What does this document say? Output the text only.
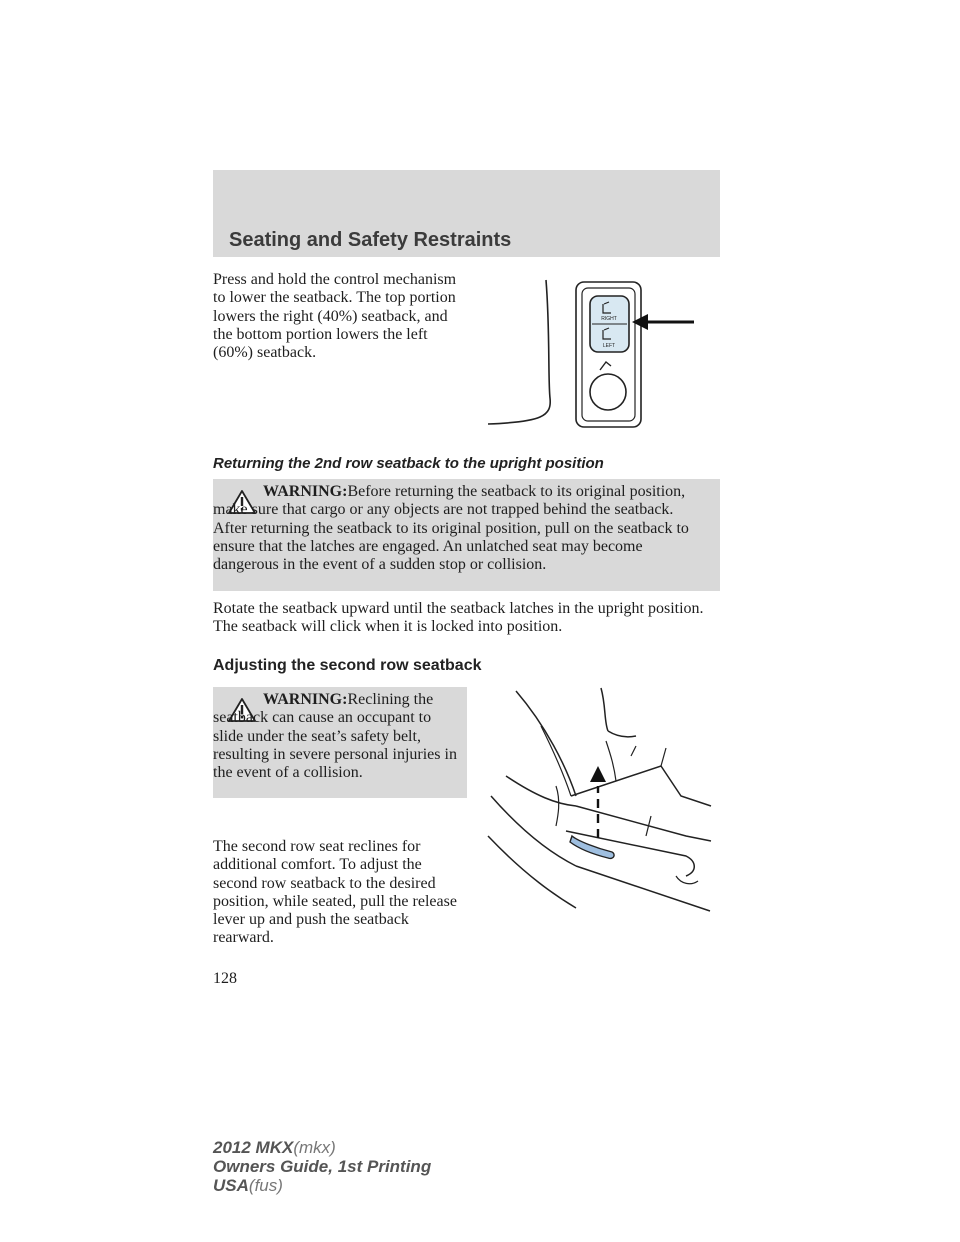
Seating and Safety Restraints
Press and hold the control mechanism to lower the seatback. The top portion lowers the right (40%) seatback, and the bottom portion lowers the left (60%) seatback.
RIGHT
LEFT
Returning the 2nd row seatback to the upright position
WARNING:Before returning the seatback to its original position, make sure that cargo or any objects are not trapped behind the seatback. After returning the seatback to its original position, pull on the seatback to ensure that the latches are engaged. An unlatched seat may become dangerous in the event of a sudden stop or collision.
Rotate the seatback upward until the seatback latches in the upright position. The seatback will click when it is locked into position.
Adjusting the second row seatback
WARNING:Reclining the seatback can cause an occupant to slide under the seat’s safety belt, resulting in severe personal injuries in the event of a collision.
The second row seat reclines for additional comfort. To adjust the second row seatback to the desired position, while seated, pull the release lever up and push the seatback rearward.
128
2012 MKX(mkx)
Owners Guide, 1st Printing
USA(fus)
